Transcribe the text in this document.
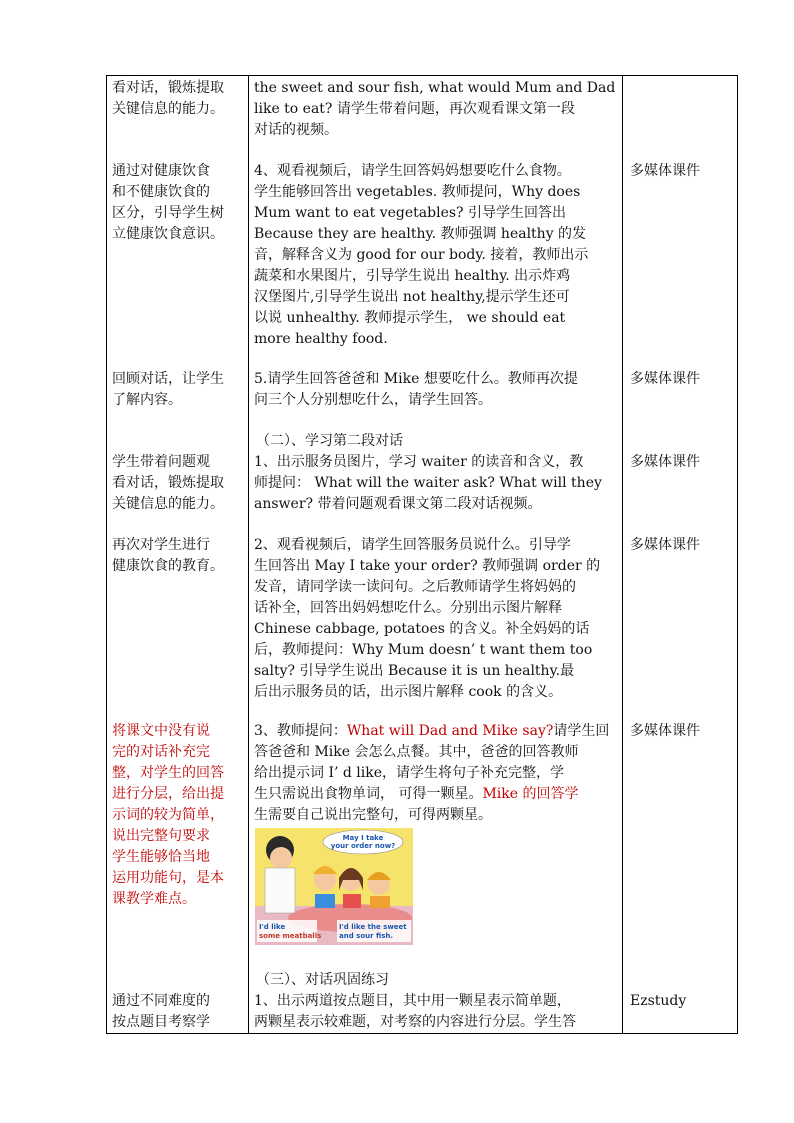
看对话，锻炼提取
关键信息的能力。
通过对健康饮食
和不健康饮食的
区分，引导学生树
立健康饮食意识。
回顾对话，让学生
了解内容。
学生带着问题观
看对话，锻炼提取
关键信息的能力。
再次对学生进行
健康饮食的教育。
将课文中没有说
完的对话补充完
整，对学生的回答
进行分层，给出提
示词的较为简单，
说出完整句要求
学生能够恰当地
运用功能句，是本
课教学难点。
通过不同难度的
按点题目考察学
the sweet and sour fish, what would Mum and Dad
like to eat? 请学生带着问题，再次观看课文第一段
对话的视频。
4、观看视频后，请学生回答妈妈想要吃什么食物。
学生能够回答出 vegetables. 教师提问，Why does
Mum want to eat vegetables? 引导学生回答出
Because they are healthy. 教师强调 healthy 的发
音，解释含义为 good for our body. 接着，教师出示
蔬菜和水果图片，引导学生说出 healthy. 出示炸鸡
汉堡图片,引导学生说出 not healthy,提示学生还可
以说 unhealthy. 教师提示学生， we should eat
more healthy food.
5.请学生回答爸爸和 Mike 想要吃什么。教师再次提
问三个人分别想吃什么，请学生回答。
（二）、学习第二段对话
1、出示服务员图片，学习 waiter 的读音和含义，教
师提问： What will the waiter ask? What will they
answer? 带着问题观看课文第二段对话视频。
2、观看视频后，请学生回答服务员说什么。引导学
生回答出 May I take your order? 教师强调 order 的
发音，请同学读一读问句。之后教师请学生将妈妈的
话补全，回答出妈妈想吃什么。分别出示图片解释
Chinese cabbage, potatoes 的含义。补全妈妈的话
后，教师提问：Why Mum doesn’ t want them too
salty? 引导学生说出 Because it is un healthy.最
后出示服务员的话，出示图片解释 cook 的含义。
3、教师提问：What will Dad and Mike say?请学生回
答爸爸和 Mike 会怎么点餐。其中，爸爸的回答教师
给出提示词 I’ d like，请学生将句子补充完整，学
生只需说出食物单词， 可得一颗星。Mike 的回答学
生需要自己说出完整句，可得两颗星。
May I take
your order now?
I'd like
some meatballs
I'd like the sweet
and sour fish.
（三）、对话巩固练习
1、出示两道按点题目，其中用一颗星表示简单题，
两颗星表示较难题，对考察的内容进行分层。学生答
多媒体课件
多媒体课件
多媒体课件
多媒体课件
多媒体课件
Ezstudy
